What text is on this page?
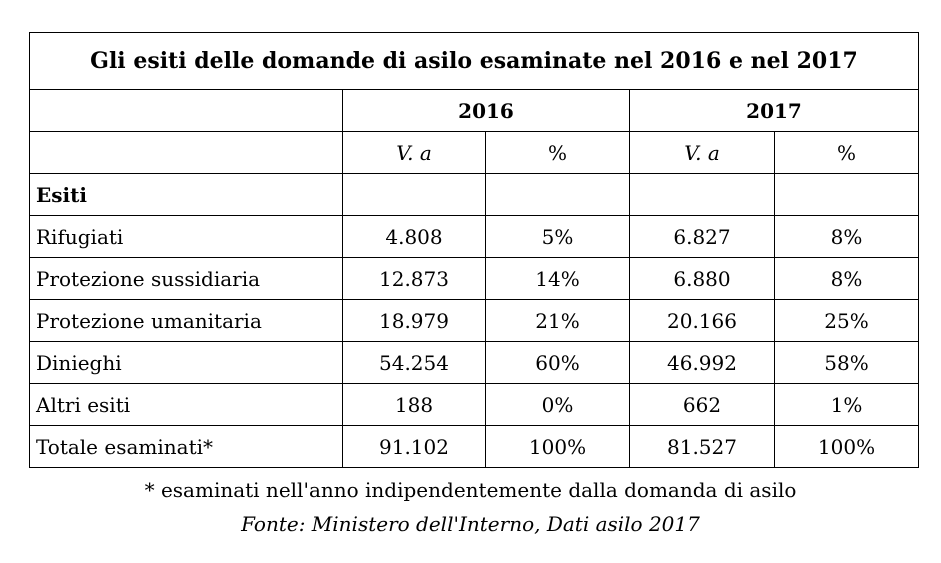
Gli esiti delle domande di asilo esaminate nel 2016 e nel 2017				
	2016		2017	
	V. a	%	V. a	%
Esiti				
Rifugiati	4.808	5%	6.827	8%
Protezione sussidiaria	12.873	14%	6.880	8%
Protezione umanitaria	18.979	21%	20.166	25%
Dinieghi	54.254	60%	46.992	58%
Altri esiti	188	0%	662	1%
Totale esaminati*	91.102	100%	81.527	100%
* esaminati nell'anno indipendentemente dalla domanda di asilo
Fonte: Ministero dell'Interno, Dati asilo 2017
